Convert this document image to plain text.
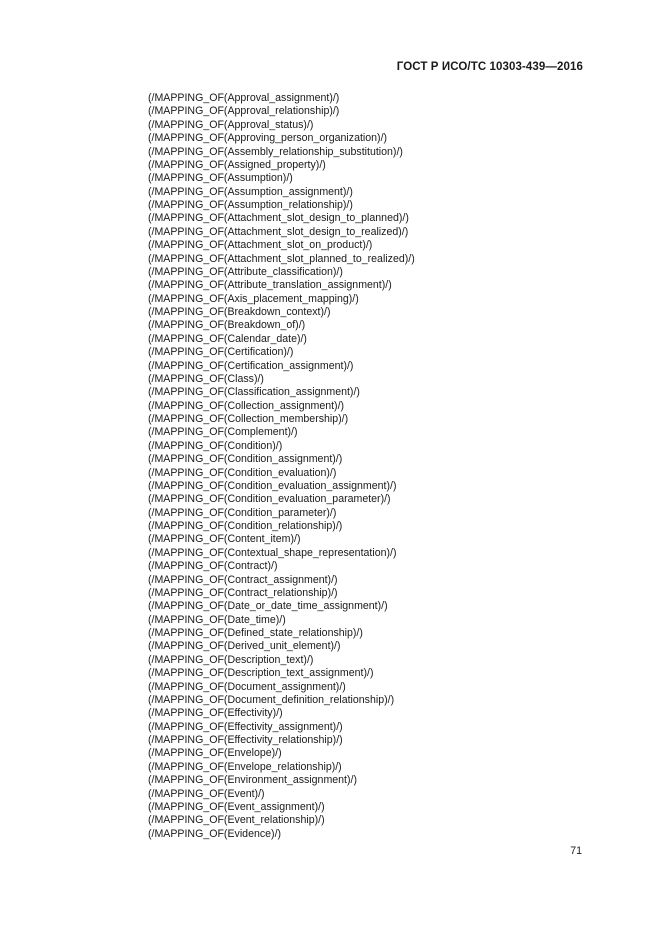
ГОСТ Р ИСО/ТС 10303-439—2016
(/MAPPING_OF(Approval_assignment)/)
(/MAPPING_OF(Approval_relationship)/)
(/MAPPING_OF(Approval_status)/)
(/MAPPING_OF(Approving_person_organization)/)
(/MAPPING_OF(Assembly_relationship_substitution)/)
(/MAPPING_OF(Assigned_property)/)
(/MAPPING_OF(Assumption)/)
(/MAPPING_OF(Assumption_assignment)/)
(/MAPPING_OF(Assumption_relationship)/)
(/MAPPING_OF(Attachment_slot_design_to_planned)/)
(/MAPPING_OF(Attachment_slot_design_to_realized)/)
(/MAPPING_OF(Attachment_slot_on_product)/)
(/MAPPING_OF(Attachment_slot_planned_to_realized)/)
(/MAPPING_OF(Attribute_classification)/)
(/MAPPING_OF(Attribute_translation_assignment)/)
(/MAPPING_OF(Axis_placement_mapping)/)
(/MAPPING_OF(Breakdown_context)/)
(/MAPPING_OF(Breakdown_of)/)
(/MAPPING_OF(Calendar_date)/)
(/MAPPING_OF(Certification)/)
(/MAPPING_OF(Certification_assignment)/)
(/MAPPING_OF(Class)/)
(/MAPPING_OF(Classification_assignment)/)
(/MAPPING_OF(Collection_assignment)/)
(/MAPPING_OF(Collection_membership)/)
(/MAPPING_OF(Complement)/)
(/MAPPING_OF(Condition)/)
(/MAPPING_OF(Condition_assignment)/)
(/MAPPING_OF(Condition_evaluation)/)
(/MAPPING_OF(Condition_evaluation_assignment)/)
(/MAPPING_OF(Condition_evaluation_parameter)/)
(/MAPPING_OF(Condition_parameter)/)
(/MAPPING_OF(Condition_relationship)/)
(/MAPPING_OF(Content_item)/)
(/MAPPING_OF(Contextual_shape_representation)/)
(/MAPPING_OF(Contract)/)
(/MAPPING_OF(Contract_assignment)/)
(/MAPPING_OF(Contract_relationship)/)
(/MAPPING_OF(Date_or_date_time_assignment)/)
(/MAPPING_OF(Date_time)/)
(/MAPPING_OF(Defined_state_relationship)/)
(/MAPPING_OF(Derived_unit_element)/)
(/MAPPING_OF(Description_text)/)
(/MAPPING_OF(Description_text_assignment)/)
(/MAPPING_OF(Document_assignment)/)
(/MAPPING_OF(Document_definition_relationship)/)
(/MAPPING_OF(Effectivity)/)
(/MAPPING_OF(Effectivity_assignment)/)
(/MAPPING_OF(Effectivity_relationship)/)
(/MAPPING_OF(Envelope)/)
(/MAPPING_OF(Envelope_relationship)/)
(/MAPPING_OF(Environment_assignment)/)
(/MAPPING_OF(Event)/)
(/MAPPING_OF(Event_assignment)/)
(/MAPPING_OF(Event_relationship)/)
(/MAPPING_OF(Evidence)/)
71
